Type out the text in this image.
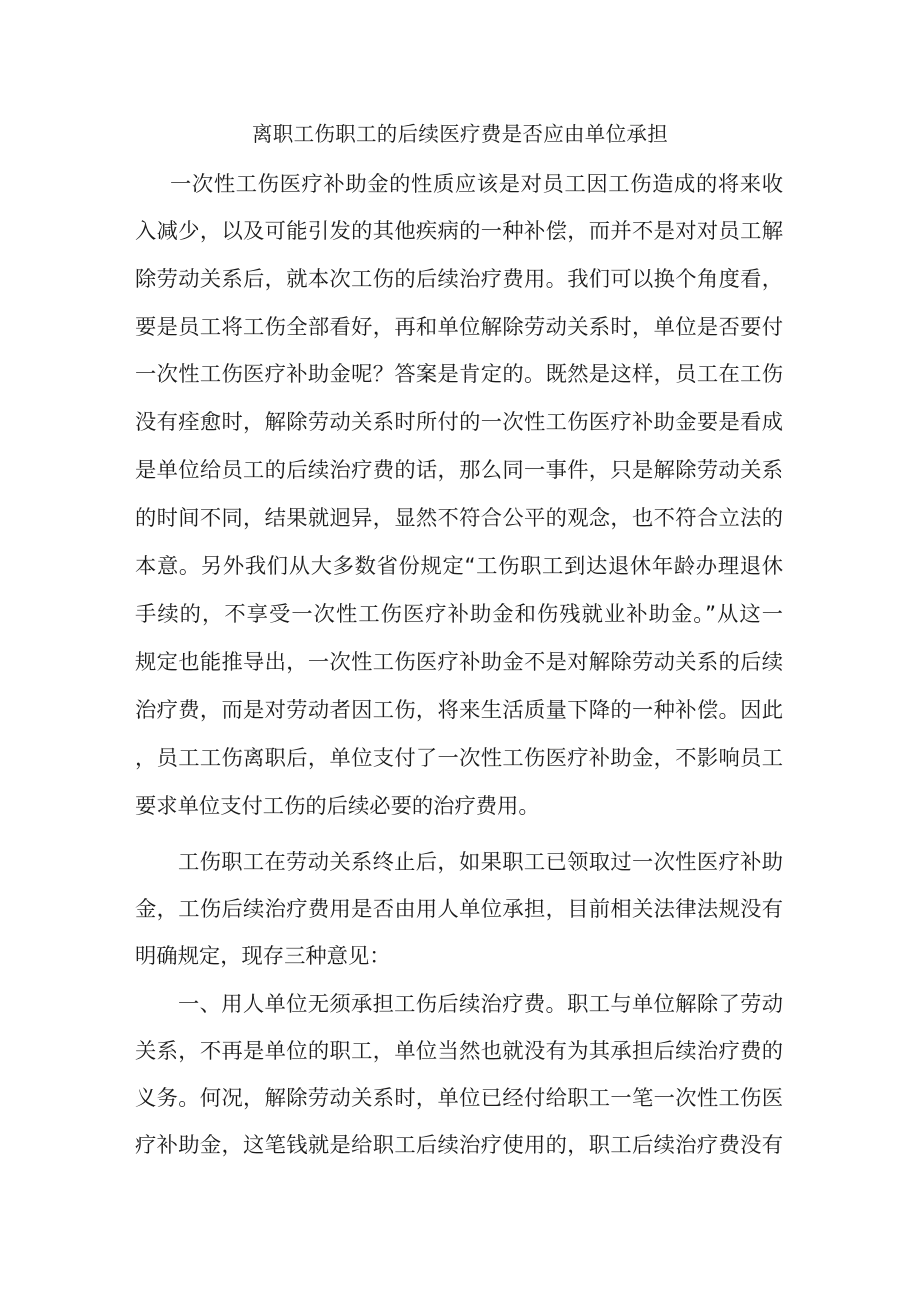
离职工伤职工的后续医疗费是否应由单位承担
一次性工伤医疗补助金的性质应该是对员工因工伤造成的将来收
入减少，以及可能引发的其他疾病的一种补偿，而并不是对对员工解
除劳动关系后，就本次工伤的后续治疗费用。我们可以换个角度看，
要是员工将工伤全部看好，再和单位解除劳动关系时，单位是否要付
一次性工伤医疗补助金呢？答案是肯定的。既然是这样，员工在工伤
没有痊愈时，解除劳动关系时所付的一次性工伤医疗补助金要是看成
是单位给员工的后续治疗费的话，那么同一事件，只是解除劳动关系
的时间不同，结果就迥异，显然不符合公平的观念，也不符合立法的
本意。另外我们从大多数省份规定“工伤职工到达退休年龄办理退休
手续的，不享受一次性工伤医疗补助金和伤残就业补助金。”从这一
规定也能推导出，一次性工伤医疗补助金不是对解除劳动关系的后续
治疗费，而是对劳动者因工伤，将来生活质量下降的一种补偿。因此
，员工工伤离职后，单位支付了一次性工伤医疗补助金，不影响员工
要求单位支付工伤的后续必要的治疗费用。
工伤职工在劳动关系终止后，如果职工已领取过一次性医疗补助
金，工伤后续治疗费用是否由用人单位承担，目前相关法律法规没有
明确规定，现存三种意见：
一、用人单位无须承担工伤后续治疗费。职工与单位解除了劳动
关系，不再是单位的职工，单位当然也就没有为其承担后续治疗费的
义务。何况，解除劳动关系时，单位已经付给职工一笔一次性工伤医
疗补助金，这笔钱就是给职工后续治疗使用的，职工后续治疗费没有
